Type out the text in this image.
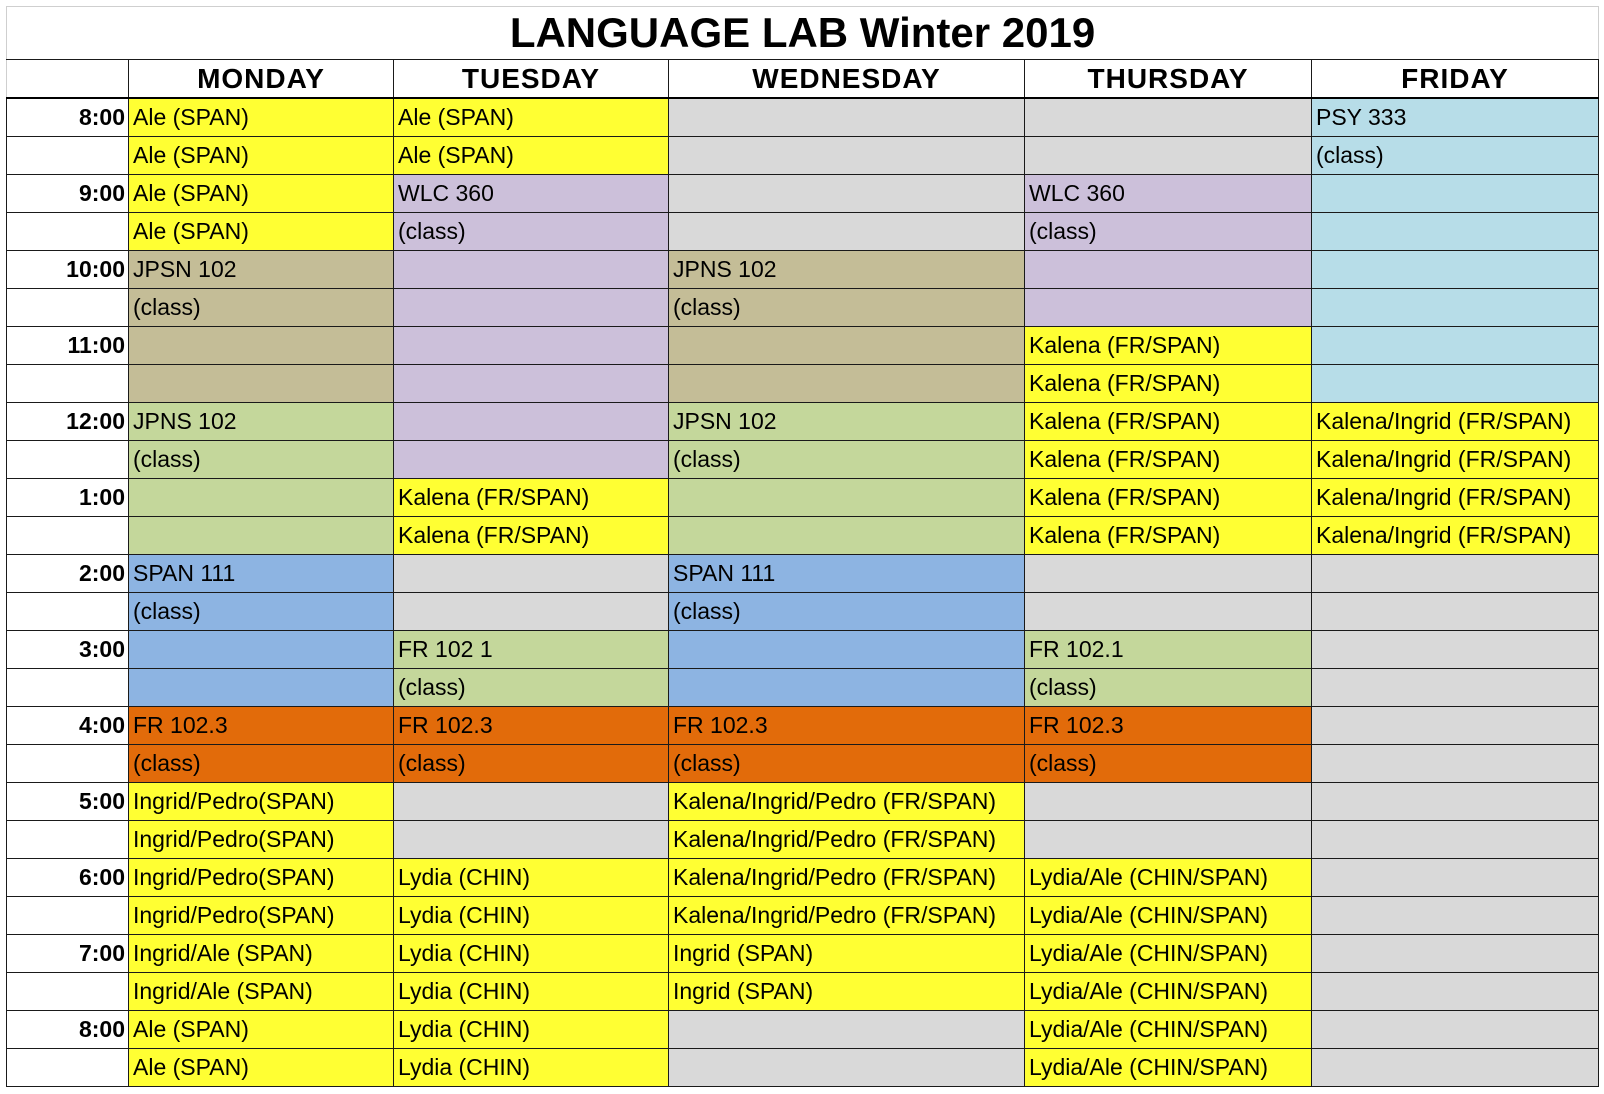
LANGUAGE LAB Winter 2019					
	MONDAY	TUESDAY	WEDNESDAY	THURSDAY	FRIDAY
8:00	Ale (SPAN)	Ale (SPAN)			PSY 333
	Ale (SPAN)	Ale (SPAN)			(class)
9:00	Ale (SPAN)	WLC 360		WLC 360	
	Ale (SPAN)	(class)		(class)	
10:00	JPSN 102		JPNS 102		
	(class)		(class)		
11:00				Kalena (FR/SPAN)	
				Kalena (FR/SPAN)	
12:00	JPNS 102		JPSN 102	Kalena (FR/SPAN)	Kalena/Ingrid (FR/SPAN)
	(class)		(class)	Kalena (FR/SPAN)	Kalena/Ingrid (FR/SPAN)
1:00		Kalena (FR/SPAN)		Kalena (FR/SPAN)	Kalena/Ingrid (FR/SPAN)
		Kalena (FR/SPAN)		Kalena (FR/SPAN)	Kalena/Ingrid (FR/SPAN)
2:00	SPAN 111		SPAN 111		
	(class)		(class)		
3:00		FR 102 1		FR 102.1	
		(class)		(class)	
4:00	FR 102.3	FR 102.3	FR 102.3	FR 102.3	
	(class)	(class)	(class)	(class)	
5:00	Ingrid/Pedro(SPAN)		Kalena/Ingrid/Pedro (FR/SPAN)		
	Ingrid/Pedro(SPAN)		Kalena/Ingrid/Pedro (FR/SPAN)		
6:00	Ingrid/Pedro(SPAN)	Lydia (CHIN)	Kalena/Ingrid/Pedro (FR/SPAN)	Lydia/Ale (CHIN/SPAN)	
	Ingrid/Pedro(SPAN)	Lydia (CHIN)	Kalena/Ingrid/Pedro (FR/SPAN)	Lydia/Ale (CHIN/SPAN)	
7:00	Ingrid/Ale (SPAN)	Lydia (CHIN)	Ingrid (SPAN)	Lydia/Ale (CHIN/SPAN)	
	Ingrid/Ale (SPAN)	Lydia (CHIN)	Ingrid (SPAN)	Lydia/Ale (CHIN/SPAN)	
8:00	Ale (SPAN)	Lydia (CHIN)		Lydia/Ale (CHIN/SPAN)	
	Ale (SPAN)	Lydia (CHIN)		Lydia/Ale (CHIN/SPAN)	
